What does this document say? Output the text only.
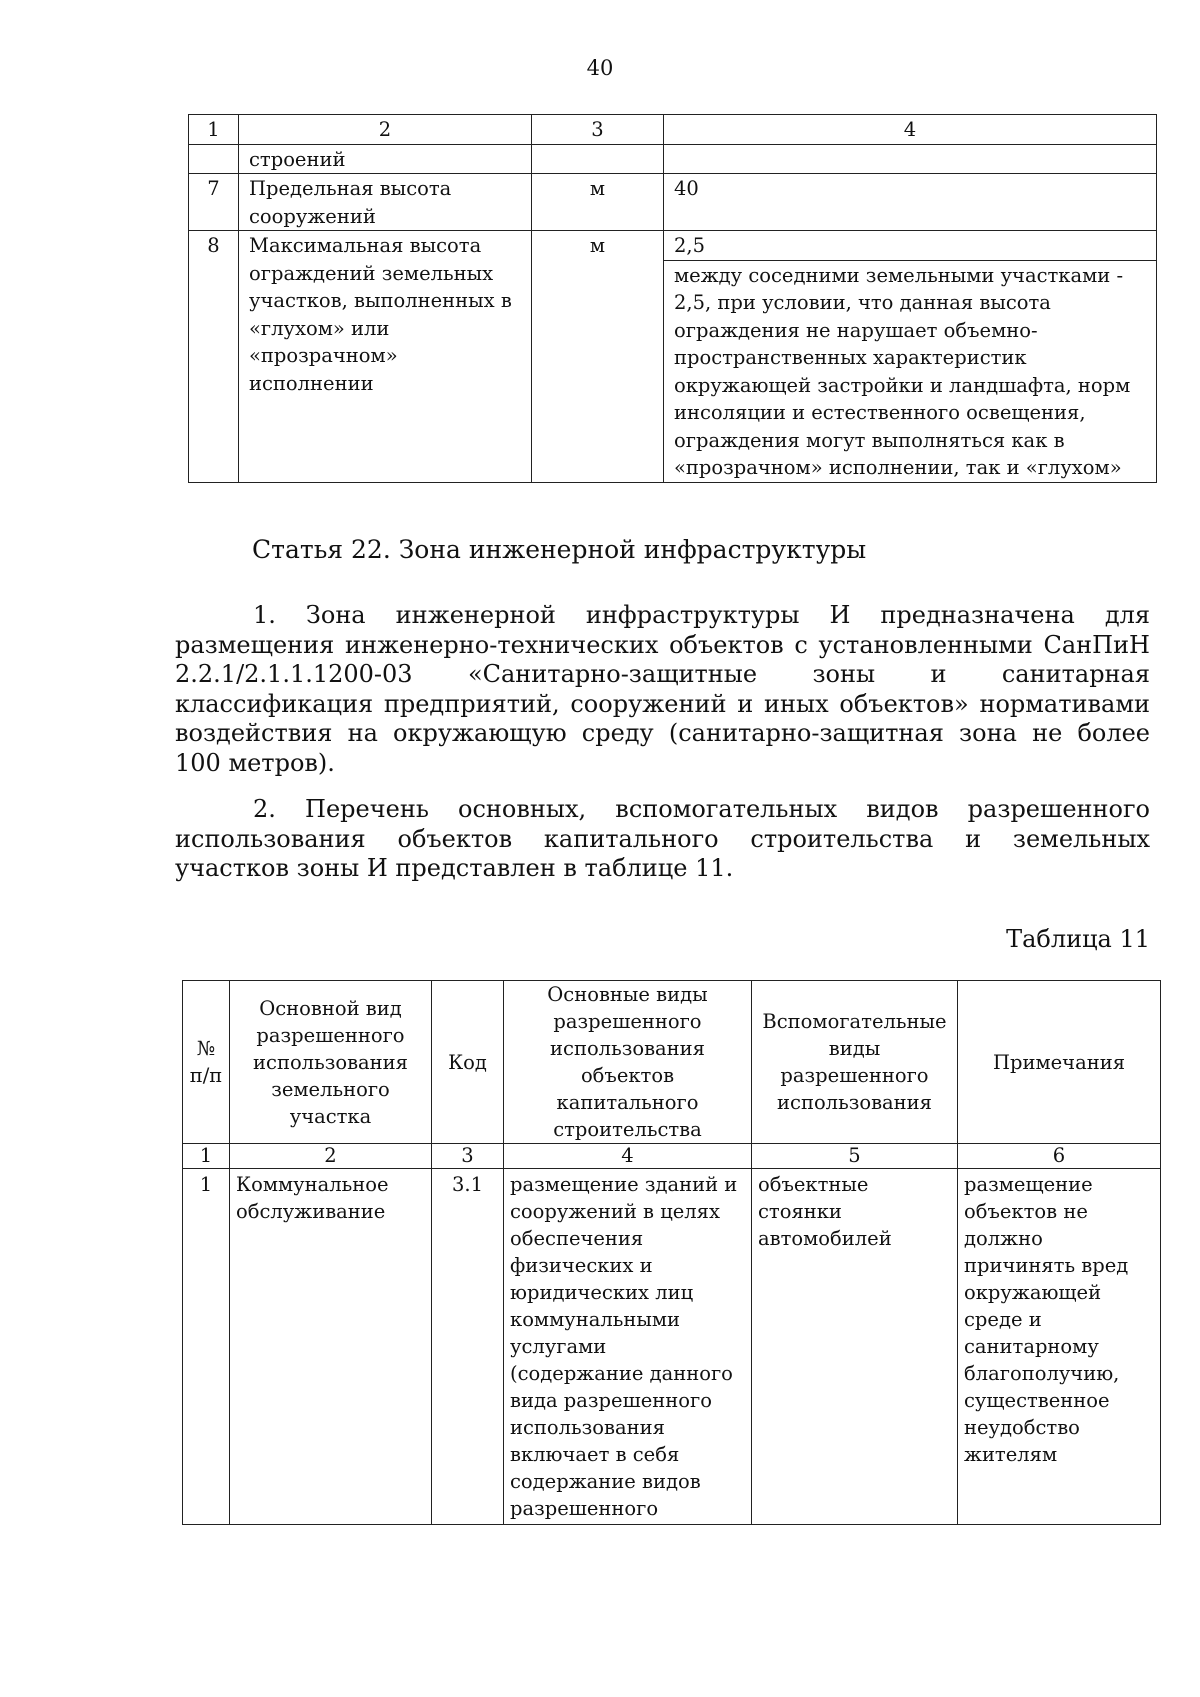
40
1	2	3	4
	строений		
7	Предельная высота сооружений	м	40
8	Максимальная высота ограждений земельных участков, выполненных в «глухом» или «прозрачном» исполнении	м	2,5
между соседними земельными участками - 2,5, при условии, что данная высота ограждения не нарушает объемно-пространственных характеристик окружающей застройки и ландшафта, норм инсоляции и естественного освещения, ограждения могут выполняться как в «прозрачном» исполнении, так и «глухом»
Статья 22. Зона инженерной инфраструктуры

1. Зона инженерной инфраструктуры И предназначена для размещения инженерно-технических объектов с установленными СанПиН 2.2.1/2.1.1.1200-03 «Санитарно-защитные зоны и санитарная классификация предприятий, сооружений и иных объектов» нормативами воздействия на окружающую среду (санитарно-защитная зона не более 100 метров).

2. Перечень основных, вспомогательных видов разрешенного использования объектов капитального строительства и земельных участков зоны И представлен в таблице 11.

Таблица 11
№ п/п	Основной вид разрешенного использования земельного участка	Код	Основные виды разрешенного использования объектов капитального строительства	Вспомогательные виды разрешенного использования	Примечания
1	2	3	4	5	6
1	Коммунальное обслуживание	3.1	размещение зданий и сооружений в целях обеспечения физических и юридических лиц коммунальными услугами (содержание данного вида разрешенного использования включает в себя содержание видов разрешенного	объектные стоянки автомобилей	размещение объектов не должно причинять вред окружающей среде и санитарному благополучию, существенное неудобство жителям
